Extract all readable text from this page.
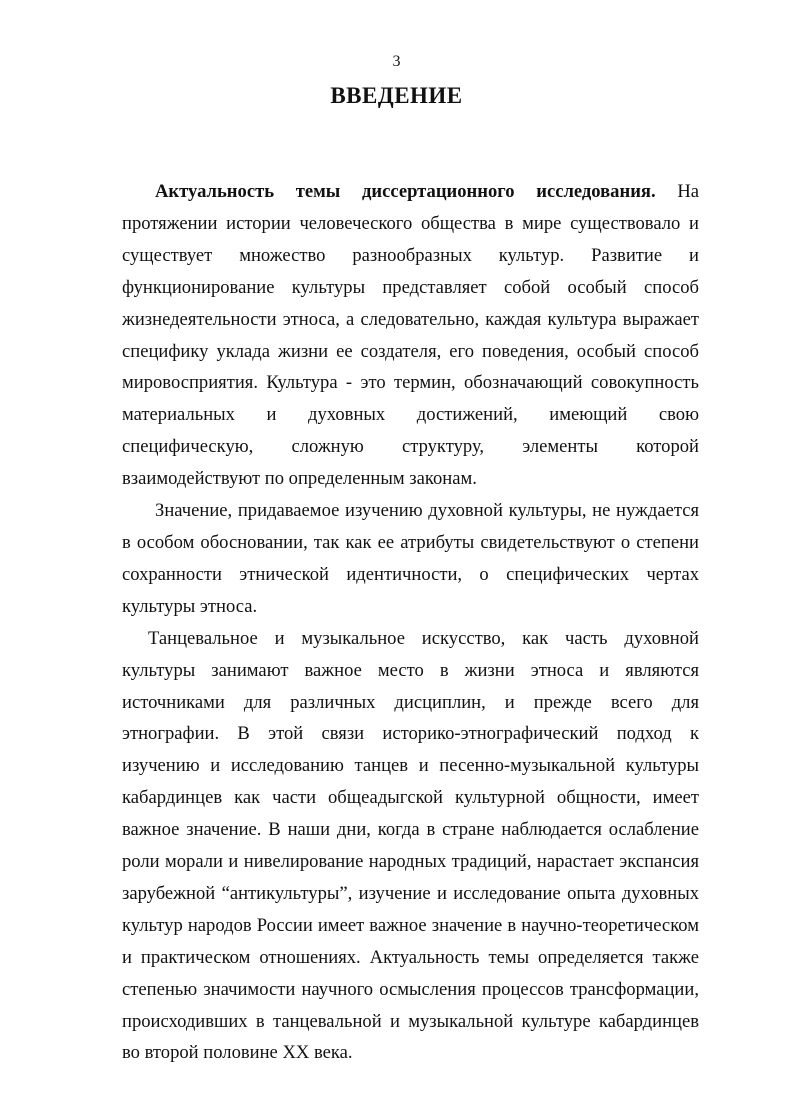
3
ВВЕДЕНИЕ

Актуальность темы диссертационного исследования. На протяжении истории человеческого общества в мире существовало и существует множество разнообразных культур. Развитие и функционирование культуры представляет собой особый способ жизнедеятельности этноса, а следовательно, каждая культура выражает специфику уклада жизни ее создателя, его поведения, особый способ мировосприятия. Культура - это термин, обозначающий совокупность материальных и духовных достижений, имеющий свою специфическую, сложную структуру, элементы которой взаимодействуют по определенным законам.

Значение, придаваемое изучению духовной культуры, не нуждается в особом обосновании, так как ее атрибуты свидетельствуют о степени сохранности этнической идентичности, о специфических чертах культуры этноса.

Танцевальное и музыкальное искусство, как часть духовной культуры занимают важное место в жизни этноса и являются источниками для различных дисциплин, и прежде всего для этнографии. В этой связи историко-этнографический подход к изучению и исследованию танцев и песенно-музыкальной культуры кабардинцев как части общеадыгской культурной общности, имеет важное значение. В наши дни, когда в стране наблюдается ослабление роли морали и нивелирование народных традиций, нарастает экспансия зарубежной “антикультуры”, изучение и исследование опыта духовных культур народов России имеет важное значение в научно-теоретическом и практическом отношениях. Актуальность темы определяется также степенью значимости научного осмысления процессов трансформации, происходивших в танцевальной и музыкальной культуре кабардинцев во второй половине XX века.
